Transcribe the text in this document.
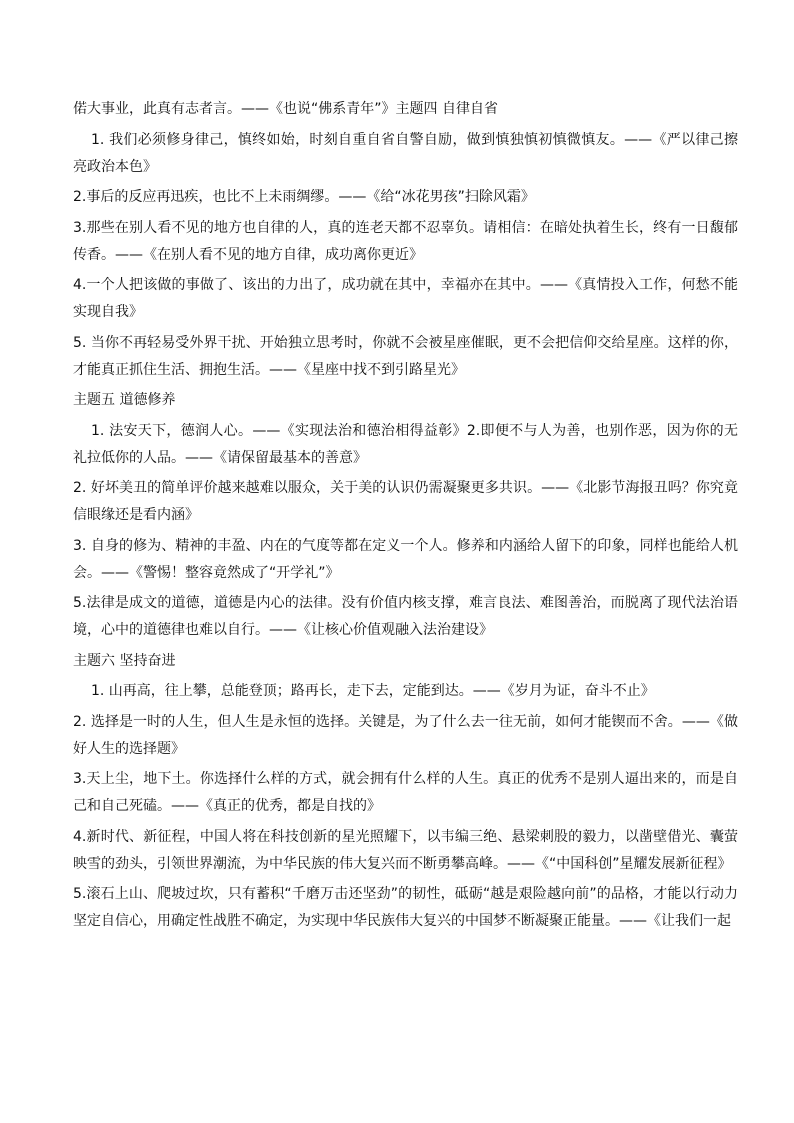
偌大事业，此真有志者言。——《也说“佛系青年”》主题四 自律自省

1. 我们必须修身律己，慎终如始，时刻自重自省自警自励，做到慎独慎初慎微慎友。——《严以律己擦亮政治本色》

2.事后的反应再迅疾，也比不上未雨绸缪。——《给“冰花男孩”扫除风霜》

3.那些在别人看不见的地方也自律的人，真的连老天都不忍辜负。请相信：在暗处执着生长，终有一日馥郁传香。——《在别人看不见的地方自律，成功离你更近》

4.一个人把该做的事做了、该出的力出了，成功就在其中，幸福亦在其中。——《真情投入工作，何愁不能实现自我》

5. 当你不再轻易受外界干扰、开始独立思考时，你就不会被星座催眠，更不会把信仰交给星座。这样的你，才能真正抓住生活、拥抱生活。——《星座中找不到引路星光》

主题五 道德修养

1. 法安天下，德润人心。——《实现法治和德治相得益彰》2.即便不与人为善，也别作恶，因为你的无礼拉低你的人品。——《请保留最基本的善意》

2. 好坏美丑的简单评价越来越难以服众，关于美的认识仍需凝聚更多共识。——《北影节海报丑吗？你究竟信眼缘还是看内涵》

3. 自身的修为、精神的丰盈、内在的气度等都在定义一个人。修养和内涵给人留下的印象，同样也能给人机会。——《警惕！整容竟然成了“开学礼”》

5.法律是成文的道德，道德是内心的法律。没有价值内核支撑，难言良法、难图善治，而脱离了现代法治语境，心中的道德律也难以自行。——《让核心价值观融入法治建设》

主题六 坚持奋进

1. 山再高，往上攀，总能登顶；路再长，走下去，定能到达。——《岁月为证，奋斗不止》

2. 选择是一时的人生，但人生是永恒的选择。关键是，为了什么去一往无前，如何才能锲而不舍。——《做好人生的选择题》

3.天上尘，地下土。你选择什么样的方式，就会拥有什么样的人生。真正的优秀不是别人逼出来的，而是自己和自己死磕。——《真正的优秀，都是自找的》

4.新时代、新征程，中国人将在科技创新的星光照耀下，以韦编三绝、悬梁刺股的毅力，以凿壁借光、囊萤映雪的劲头，引领世界潮流，为中华民族的伟大复兴而不断勇攀高峰。——《“中国科创”星耀发展新征程》

5.滚石上山、爬坡过坎，只有蓄积“千磨万击还坚劲”的韧性，砥砺“越是艰险越向前”的品格，才能以行动力坚定自信心，用确定性战胜不确定，为实现中华民族伟大复兴的中国梦不断凝聚正能量。——《让我们一起
